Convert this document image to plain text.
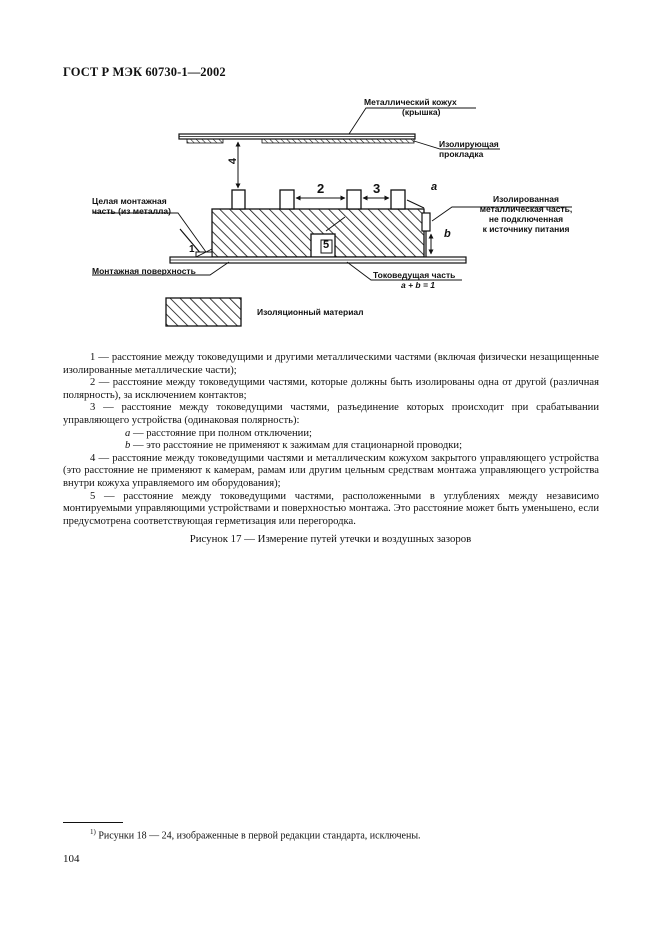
ГОСТ Р МЭК 60730-1—2002
Металлический кожух
(крышка)
Изолирующая
прокладка
Целая монтажная
часть (из металла)
Изолированная
металлическая часть,
не подключенная
к источнику питания
Монтажная поверхность	Токоведущая часть
a + b = 1
Изоляционный материал
4
2	3	a
b
5
1

1 — расстояние между токоведущими и другими металлическими частями (включая физически незащищенные изолированные металлические части);

2 — расстояние между токоведущими частями, которые должны быть изолированы одна от другой (различная полярность), за исключением контактов;

3 — расстояние между токоведущими частями, разъединение которых происходит при срабатывании управляющего устройства (одинаковая полярность):

a — расстояние при полном отключении;

b — это расстояние не применяют к зажимам для стационарной проводки;

4 — расстояние между токоведущими частями и металлическим кожухом закрытого управляющего устройства (это расстояние не применяют к камерам, рамам или другим цельным средствам монтажа управляющего устройства внутри кожуха управляемого им оборудования);

5 — расстояние между токоведущими частями, расположенными в углублениях между независимо монтируемыми управляющими устройствами и поверхностью монтажа. Это расстояние может быть уменьшено, если предусмотрена соответствующая герметизация или перегородка.

Рисунок 17 — Измерение путей утечки и воздушных зазоров
$^{1)}$ Рисунки 18 — 24, изображенные в первой редакции стандарта, исключены.
104
